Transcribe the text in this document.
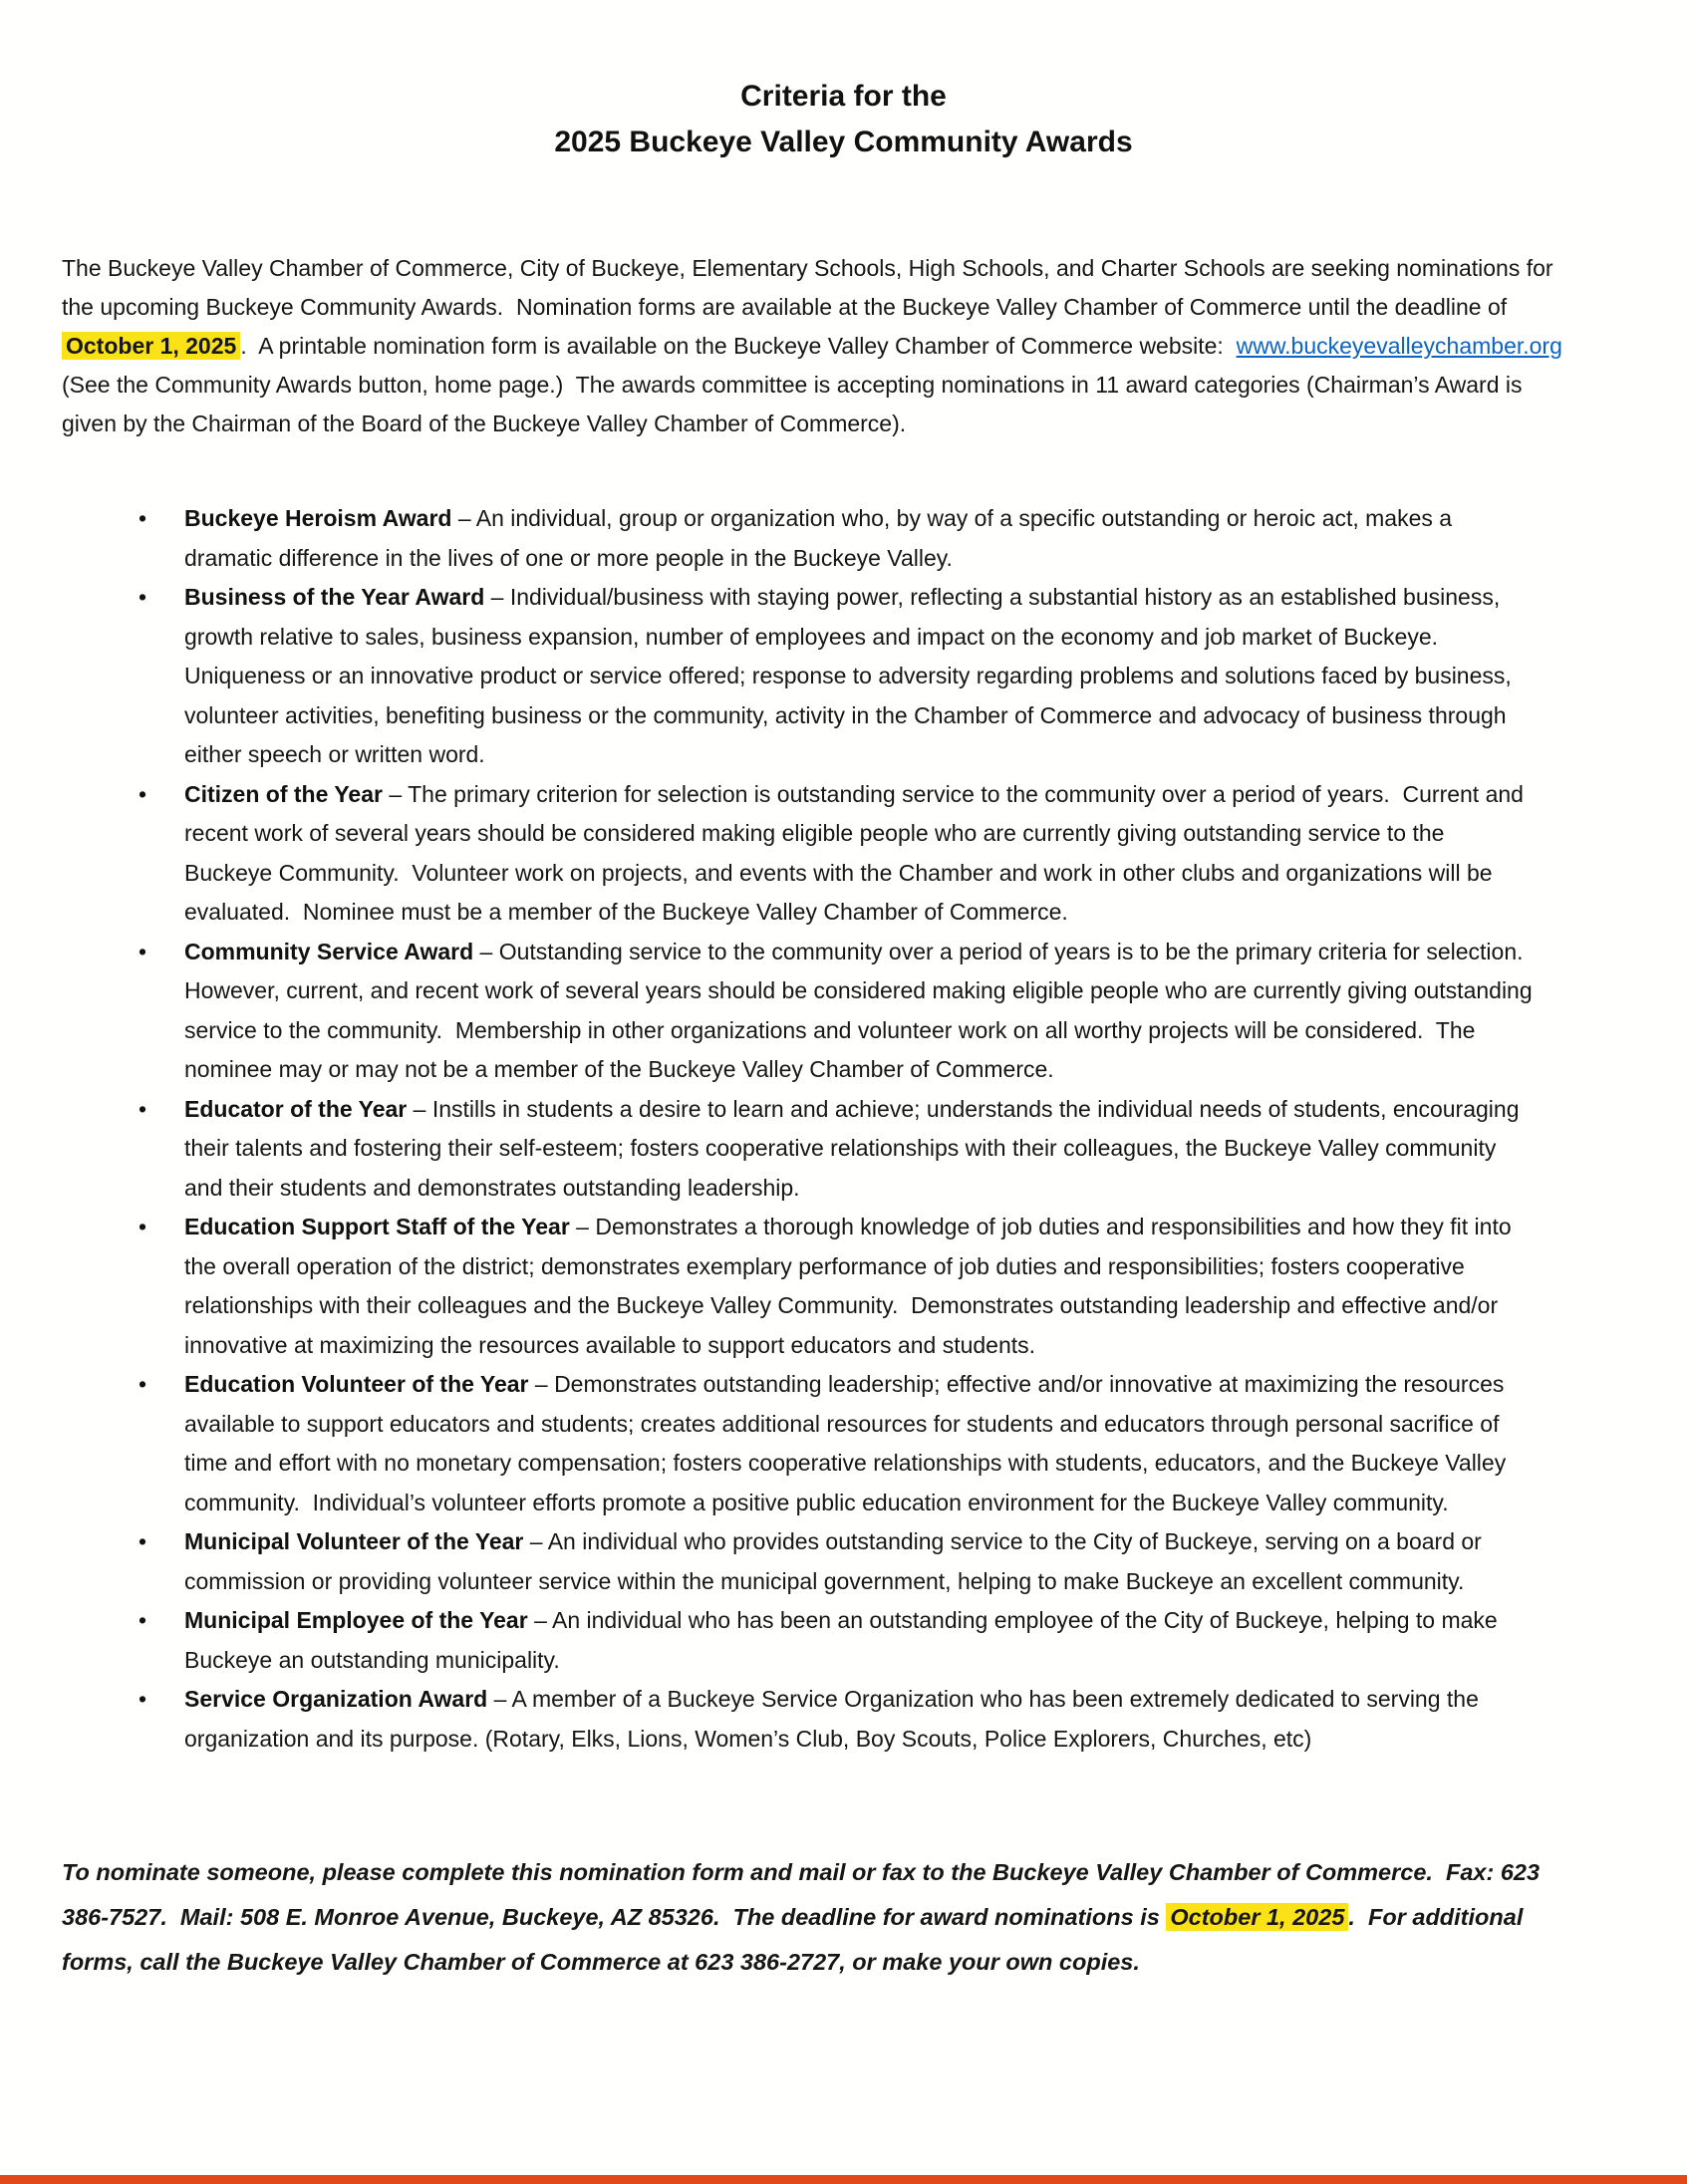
Criteria for the
2025 Buckeye Valley Community Awards

The Buckeye Valley Chamber of Commerce, City of Buckeye, Elementary Schools, High Schools, and Charter Schools are seeking nominations for the upcoming Buckeye Community Awards.  Nomination forms are available at the Buckeye Valley Chamber of Commerce until the deadline of October 1, 2025 .  A printable nomination form is available on the Buckeye Valley Chamber of Commerce website:  www.buckeyevalleychamber.org  (See the Community Awards button, home page.)  The awards committee is accepting nominations in 11 award categories (Chairman’s Award is given by the Chairman of the Board of the Buckeye Valley Chamber of Commerce).

• Buckeye Heroism Award – An individual, group or organization who, by way of a specific outstanding or heroic act, makes a dramatic difference in the lives of one or more people in the Buckeye Valley.
• Business of the Year Award – Individual/business with staying power, reflecting a substantial history as an established business, growth relative to sales, business expansion, number of employees and impact on the economy and job market of Buckeye.  Uniqueness or an innovative product or service offered; response to adversity regarding problems and solutions faced by business, volunteer activities, benefiting business or the community, activity in the Chamber of Commerce and advocacy of business through either speech or written word.
• Citizen of the Year – The primary criterion for selection is outstanding service to the community over a period of years.  Current and recent work of several years should be considered making eligible people who are currently giving outstanding service to the Buckeye Community.  Volunteer work on projects, and events with the Chamber and work in other clubs and organizations will be evaluated.  Nominee must be a member of the Buckeye Valley Chamber of Commerce.
• Community Service Award – Outstanding service to the community over a period of years is to be the primary criteria for selection.  However, current, and recent work of several years should be considered making eligible people who are currently giving outstanding service to the community.  Membership in other organizations and volunteer work on all worthy projects will be considered.  The nominee may or may not be a member of the Buckeye Valley Chamber of Commerce.
• Educator of the Year – Instills in students a desire to learn and achieve; understands the individual needs of students, encouraging their talents and fostering their self-esteem; fosters cooperative relationships with their colleagues, the Buckeye Valley community and their students and demonstrates outstanding leadership.
• Education Support Staff of the Year – Demonstrates a thorough knowledge of job duties and responsibilities and how they fit into the overall operation of the district; demonstrates exemplary performance of job duties and responsibilities; fosters cooperative relationships with their colleagues and the Buckeye Valley Community.  Demonstrates outstanding leadership and effective and/or innovative at maximizing the resources available to support educators and students.
• Education Volunteer of the Year – Demonstrates outstanding leadership; effective and/or innovative at maximizing the resources available to support educators and students; creates additional resources for students and educators through personal sacrifice of time and effort with no monetary compensation; fosters cooperative relationships with students, educators, and the Buckeye Valley community.  Individual’s volunteer efforts promote a positive public education environment for the Buckeye Valley community.
• Municipal Volunteer of the Year – An individual who provides outstanding service to the City of Buckeye, serving on a board or commission or providing volunteer service within the municipal government, helping to make Buckeye an excellent community.
• Municipal Employee of the Year – An individual who has been an outstanding employee of the City of Buckeye, helping to make Buckeye an outstanding municipality.
• Service Organization Award – A member of a Buckeye Service Organization who has been extremely dedicated to serving the organization and its purpose. (Rotary, Elks, Lions, Women’s Club, Boy Scouts, Police Explorers, Churches, etc)

To nominate someone, please complete this nomination form and mail or fax to the Buckeye Valley Chamber of Commerce.  Fax: 623 386-7527.  Mail: 508 E. Monroe Avenue, Buckeye, AZ 85326.  The deadline for award nominations is October 1, 2025 .  For additional forms, call the Buckeye Valley Chamber of Commerce at 623 386-2727, or make your own copies.
